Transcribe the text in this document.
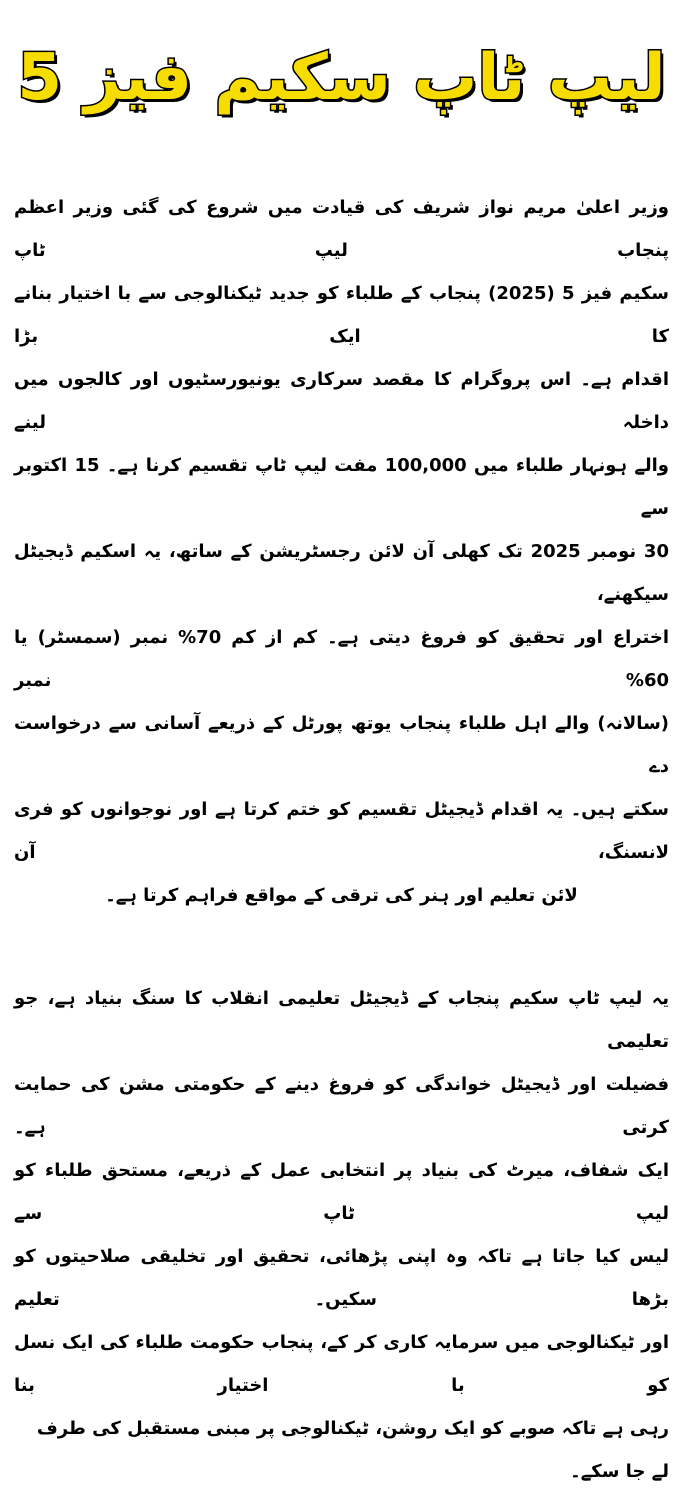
لیپ ٹاپ سکیم فیز 5
وزیر اعلیٰ مریم نواز شریف کی قیادت میں شروع کی گئی وزیر اعظم پنجاب لیپ ٹاپ
سکیم فیز 5 (2025) پنجاب کے طلباء کو جدید ٹیکنالوجی سے با اختیار بنانے کا ایک بڑا
اقدام ہے۔ اس پروگرام کا مقصد سرکاری یونیورسٹیوں اور کالجوں میں داخلہ لینے
والے ہونہار طلباء میں 100,000 مفت لیپ ٹاپ تقسیم کرنا ہے۔ 15 اکتوبر سے
30 نومبر 2025 تک کھلی آن لائن رجسٹریشن کے ساتھ، یہ اسکیم ڈیجیٹل سیکھنے،
اختراع اور تحقیق کو فروغ دیتی ہے۔ کم از کم 70% نمبر (سمسٹر) یا 60% نمبر
(سالانہ) والے اہل طلباء پنجاب یوتھ پورٹل کے ذریعے آسانی سے درخواست دے
سکتے ہیں۔ یہ اقدام ڈیجیٹل تقسیم کو ختم کرتا ہے اور نوجوانوں کو فری لانسنگ، آن
لائن تعلیم اور ہنر کی ترقی کے مواقع فراہم کرتا ہے۔
یہ لیپ ٹاپ سکیم پنجاب کے ڈیجیٹل تعلیمی انقلاب کا سنگ بنیاد ہے، جو تعلیمی
فضیلت اور ڈیجیٹل خواندگی کو فروغ دینے کے حکومتی مشن کی حمایت کرتی ہے۔
ایک شفاف، میرٹ کی بنیاد پر انتخابی عمل کے ذریعے، مستحق طلباء کو لیپ ٹاپ سے
لیس کیا جاتا ہے تاکہ وہ اپنی پڑھائی، تحقیق اور تخلیقی صلاحیتوں کو بڑھا سکیں۔ تعلیم
اور ٹیکنالوجی میں سرمایہ کاری کر کے، پنجاب حکومت طلباء کی ایک نسل کو با اختیار بنا
رہی ہے تاکہ صوبے کو ایک روشن، ٹیکنالوجی پر مبنی مستقبل کی طرف لے جا سکے۔
